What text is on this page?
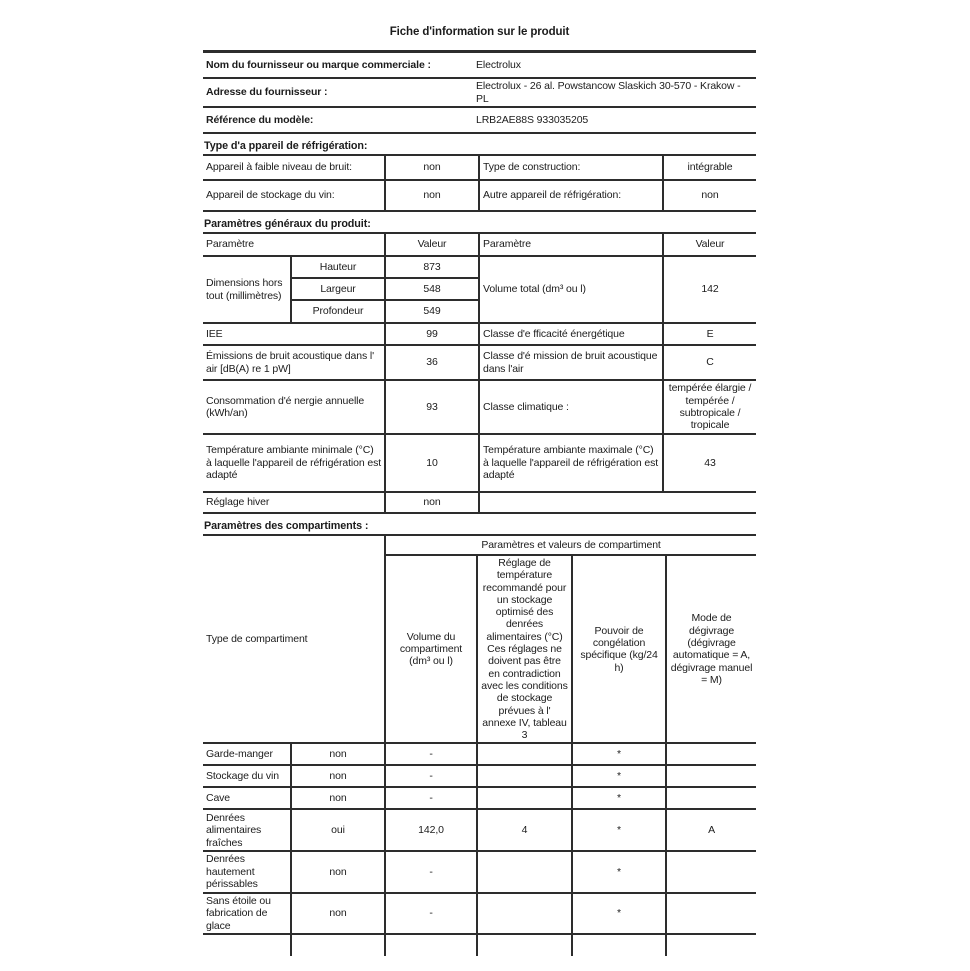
Fiche d'information sur le produit
Nom du fournisseur ou marque commerciale :	Electrolux
Adresse du fournisseur :	Electrolux - 26 al. Powstancow Slaskich 30-570 - Krakow - PL
Référence du modèle:	LRB2AE88S 933035205
Type d'a ppareil de réfrigération:
Appareil à faible niveau de bruit:	non	Type de construction:	intégrable
Appareil de stockage du vin:	non	Autre appareil de réfrigération:	non
Paramètres généraux du produit:
Paramètre		Valeur	Paramètre	Valeur
Dimensions hors tout (millimètres)	Hauteur	873	Volume total (dm³ ou l)	142
	Largeur	548		
	Profondeur	549		
IEE		99	Classe d'e fficacité énergétique	E
Émissions de bruit acoustique dans l' air [dB(A) re 1 pW]		36	Classe d'é mission de bruit acoustique dans l'air	C
Consommation d'é nergie annuelle (kWh/an)		93	Classe climatique :	tempérée élargie / tempérée / subtropicale / tropicale
Température ambiante minimale (°C) à laquelle l'appareil de réfrigération est adapté		10	Température ambiante maximale (°C) à laquelle l'appareil de réfrigération est adapté	43
Réglage hiver		non		
Paramètres des compartiments :
Type de compartiment		Paramètres et valeurs de compartiment			
		Volume du compartiment (dm³ ou l)	Réglage de température recommandé pour un stockage optimisé des denrées alimentaires (°C) Ces réglages ne doivent pas être en contradiction avec les conditions de stockage prévues à l' annexe IV, tableau 3	Pouvoir de congélation spécifique (kg/24 h)	Mode de dégivrage (dégivrage automatique = A, dégivrage manuel = M)
Garde-manger	non	-		*	
Stockage du vin	non	-		*	
Cave	non	-		*	
Denrées alimentaires fraîches	oui	142,0	4	*	A
Denrées hautement périssables	non	-		*	
Sans étoile ou fabrication de glace	non	-		*	
